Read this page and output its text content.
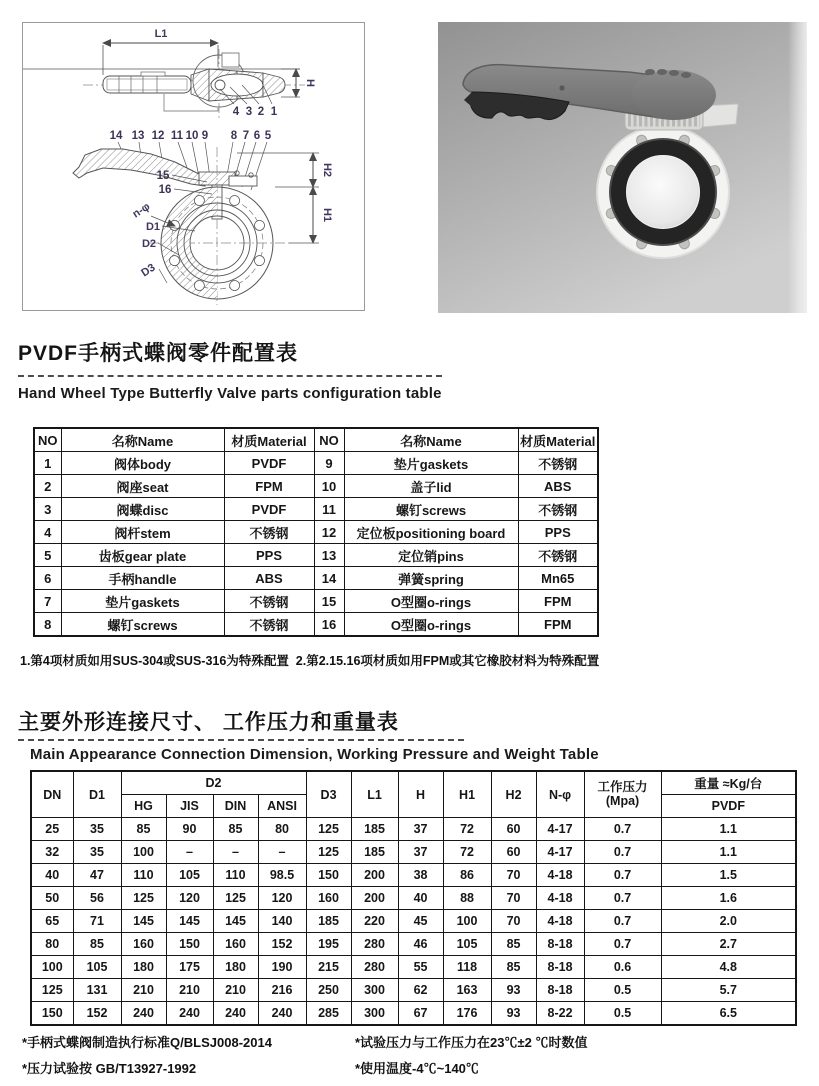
L1
H
4 3 2 1
14 13 12 11 10 9 8 7 6 5
15
16
n-φ
D1
D2
D3
H2
H1
PVDF手柄式蝶阀零件配置表
Hand Wheel Type Butterfly Valve parts configuration table
NO	名称Name	材质Material	NO	名称Name	材质Material
1	阀体body	PVDF	9	垫片gaskets	不锈钢
2	阀座seat	FPM	10	盖子lid	ABS
3	阀蝶disc	PVDF	11	螺钉screws	不锈钢
4	阀杆stem	不锈钢	12	定位板positioning board	PPS
5	齿板gear plate	PPS	13	定位销pins	不锈钢
6	手柄handle	ABS	14	弹簧spring	Mn65
7	垫片gaskets	不锈钢	15	O型圈o-rings	FPM
8	螺钉screws	不锈钢	16	O型圈o-rings	FPM
1.第4项材质如用SUS-304或SUS-316为特殊配置  2.第2.15.16项材质如用FPM或其它橡胶材料为特殊配置
主要外形连接尺寸、 工作压力和重量表
Main Appearance Connection Dimension, Working Pressure and Weight Table
DN	D1	D2				D3	L1	H	H1	H2	N-φ	工作压力
(Mpa)	重量 ≈Kg/台
		HG	JIS	DIN	ANSI								PVDF
25	35	85	90	85	80	125	185	37	72	60	4-17	0.7	1.1
32	35	100	–	–	–	125	185	37	72	60	4-17	0.7	1.1
40	47	110	105	110	98.5	150	200	38	86	70	4-18	0.7	1.5
50	56	125	120	125	120	160	200	40	88	70	4-18	0.7	1.6
65	71	145	145	145	140	185	220	45	100	70	4-18	0.7	2.0
80	85	160	150	160	152	195	280	46	105	85	8-18	0.7	2.7
100	105	180	175	180	190	215	280	55	118	85	8-18	0.6	4.8
125	131	210	210	210	216	250	300	62	163	93	8-18	0.5	5.7
150	152	240	240	240	240	285	300	67	176	93	8-22	0.5	6.5
*手柄式蝶阀制造执行标准Q/BLSJ008-2014	*试验压力与工作压力在23℃±2 ℃时数值
*压力试验按 GB/T13927-1992	*使用温度-4℃~140℃
